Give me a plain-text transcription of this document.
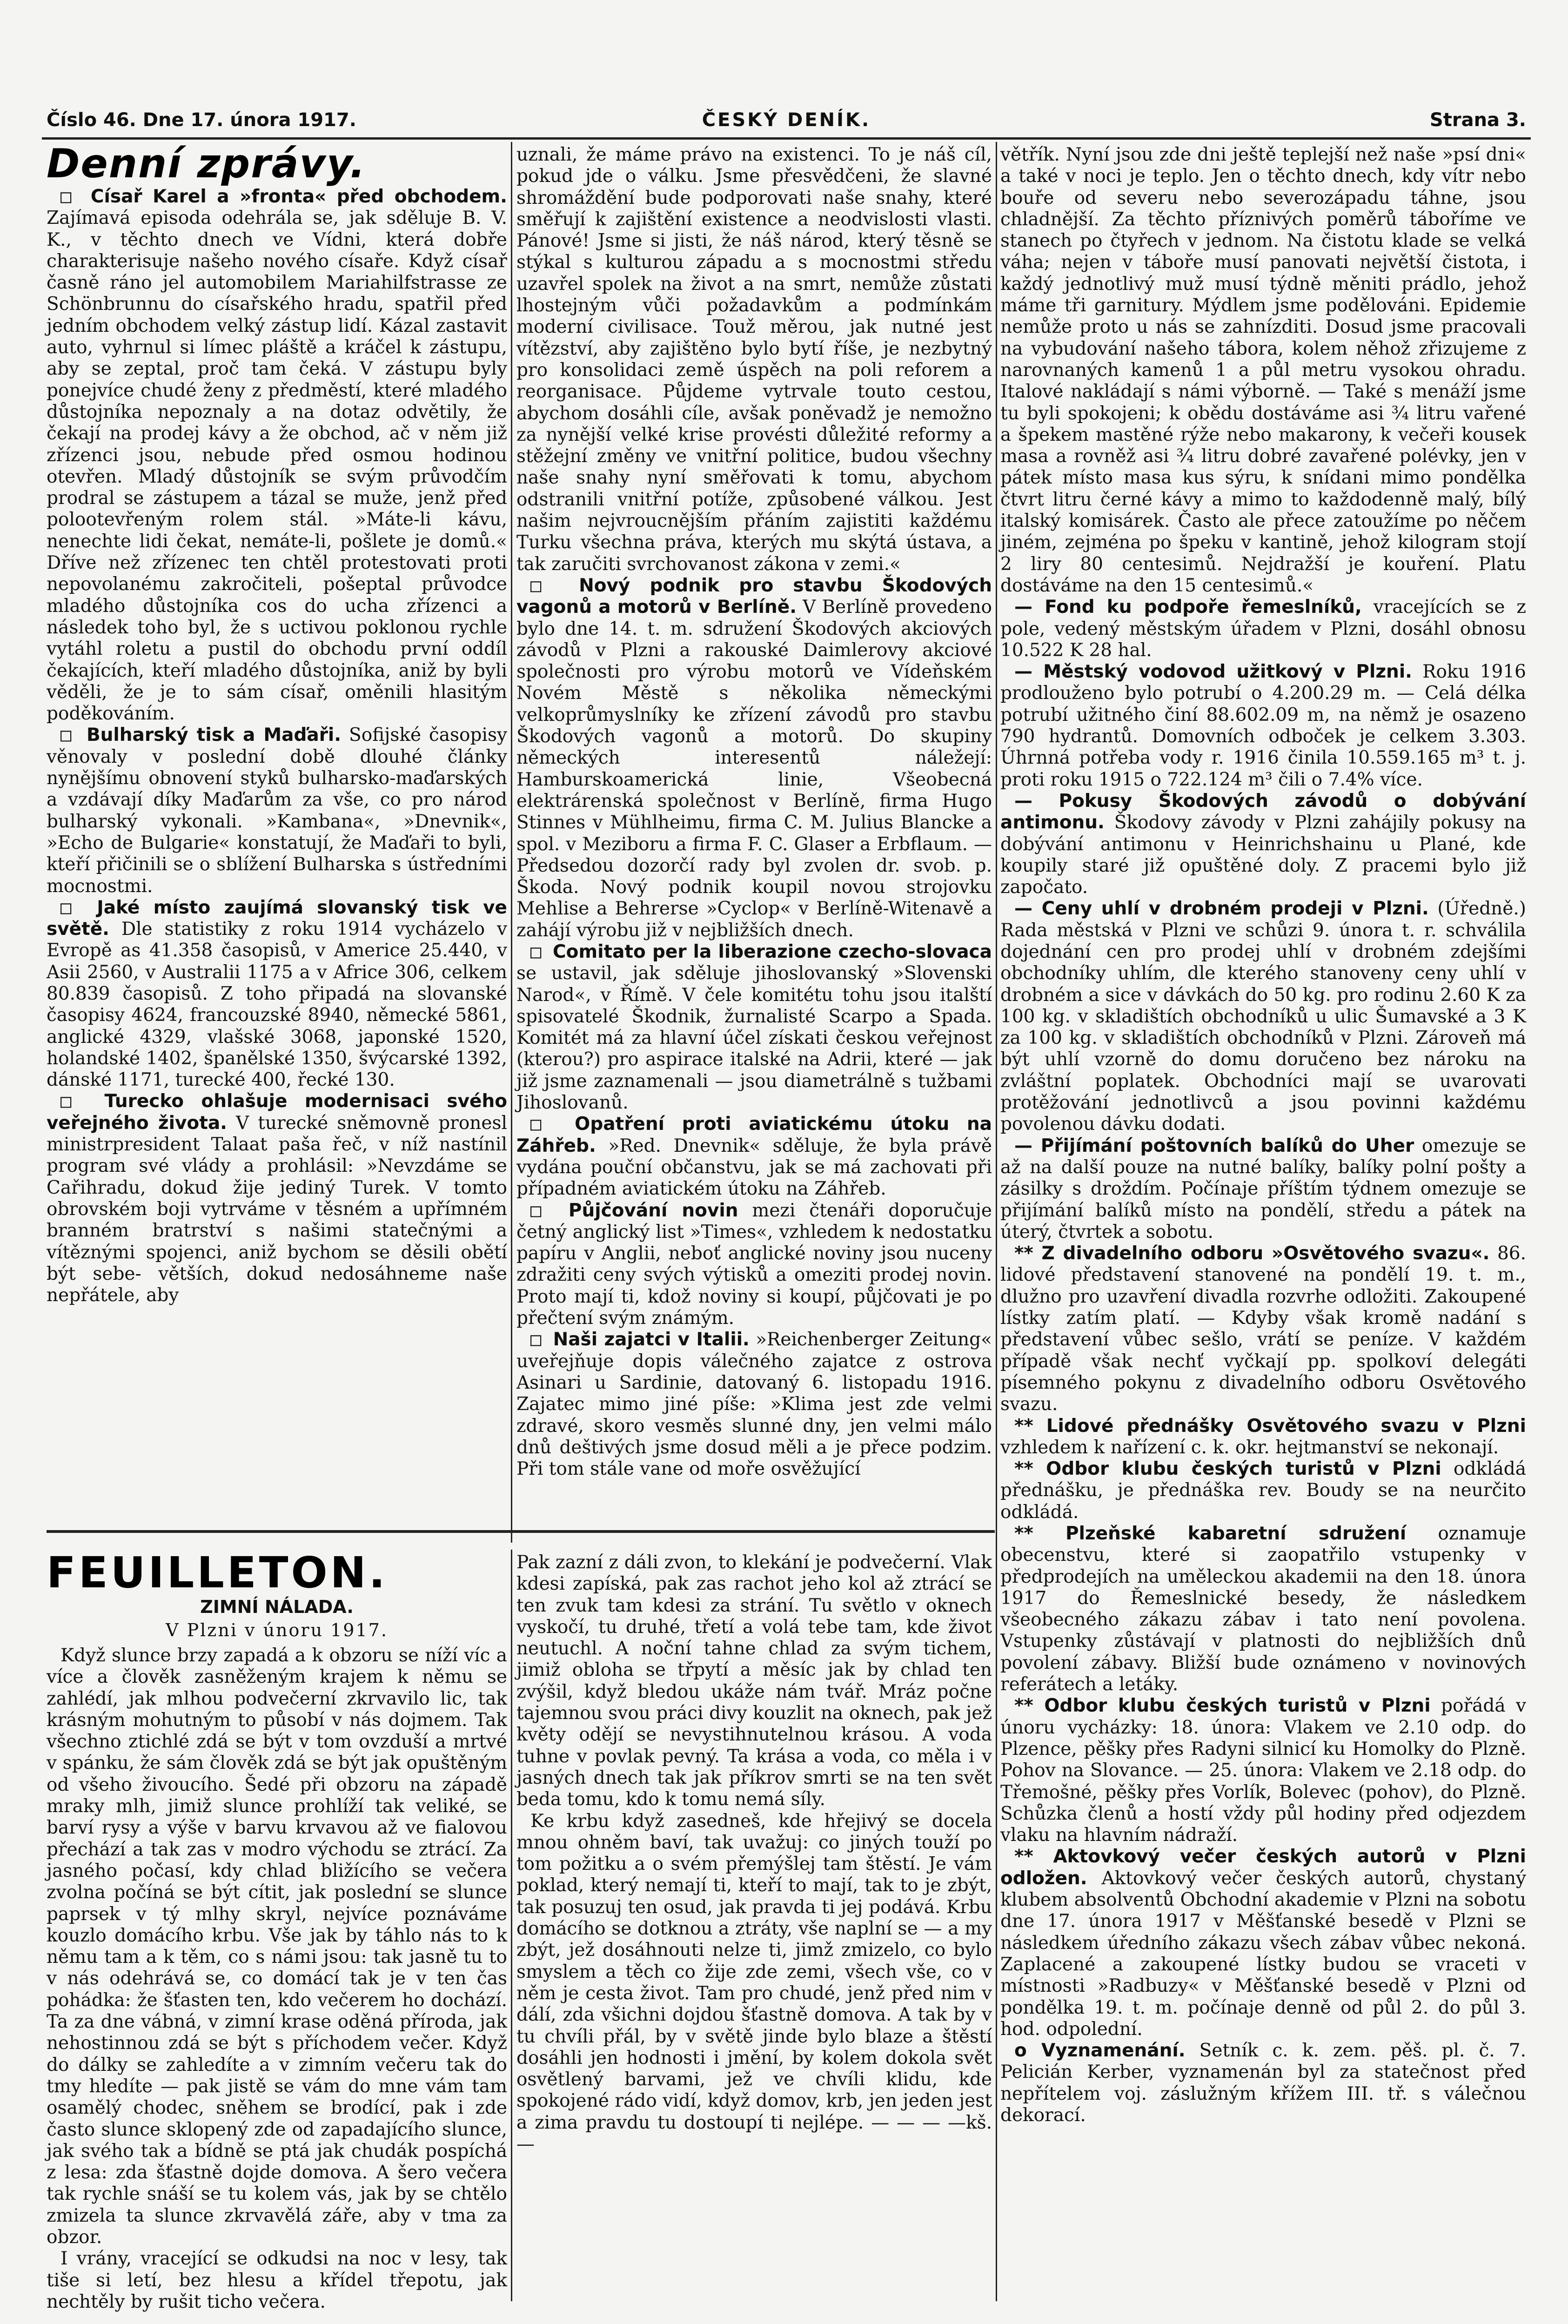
Číslo 46. Dne 17. února 1917.	ČESKÝ DENÍK.	Strana 3.
Denní zprávy.

□ Císař Karel a »fronta« před obchodem. Zajímavá episoda odehrála se, jak sděluje B. V. K., v těchto dnech ve Vídni, která dobře charakterisuje našeho nového císaře. Když císař časně ráno jel automobilem Mariahilfstrasse ze Schönbrunnu do císařského hradu, spatřil před jedním obchodem velký zástup lidí. Kázal zastavit auto, vyhrnul si límec pláště a kráčel k zástupu, aby se zeptal, proč tam čeká. V zástupu byly ponejvíce chudé ženy z předměstí, které mladého důstojníka nepoznaly a na dotaz odvětily, že čekají na prodej kávy a že obchod, ač v něm již zřízenci jsou, nebude před osmou hodinou otevřen. Mladý důstojník se svým průvodčím prodral se zástupem a tázal se muže, jenž před polootevřeným rolem stál. »Máte-li kávu, nenechte lidi čekat, nemáte-li, pošlete je domů.« Dříve než zřízenec ten chtěl protestovati proti nepovolanému zakročiteli, pošeptal průvodce mladého důstojníka cos do ucha zřízenci a následek toho byl, že s uctivou poklonou rychle vytáhl roletu a pustil do obchodu první oddíl čekajících, kteří mladého důstojníka, aniž by byli věděli, že je to sám císař, oměnili hlasitým poděkováním.

□ Bulharský tisk a Maďaři. Sofijské časopisy věnovaly v poslední době dlouhé články nynějšímu obnovení styků bulharsko-maďarských a vzdávají díky Maďarům za vše, co pro národ bulharský vykonali. »Kambana«, »Dnevnik«, »Echo de Bulgarie« konstatují, že Maďaři to byli, kteří přičinili se o sblížení Bulharska s ústředními mocnostmi.

□ Jaké místo zaujímá slovanský tisk ve světě. Dle statistiky z roku 1914 vycházelo v Evropě as 41.358 časopisů, v Americe 25.440, v Asii 2560, v Australii 1175 a v Africe 306, celkem 80.839 časopisů. Z toho připadá na slovanské časopisy 4624, francouzské 8940, německé 5861, anglické 4329, vlašské 3068, japonské 1520, holandské 1402, španělské 1350, švýcarské 1392, dánské 1171, turecké 400, řecké 130.

□ Turecko ohlašuje modernisaci svého veřejného života. V turecké sněmovně pronesl ministrpresident Talaat paša řeč, v níž nastínil program své vlády a prohlásil: »Nevzdáme se Cařihradu, dokud žije jediný Turek. V tomto obrovském boji vytrváme v těsném a upřímném branném bratrství s našimi statečnými a vítěznými spojenci, aniž bychom se děsili obětí být sebe- větších, dokud nedosáhneme naše nepřátele, aby

uznali, že máme právo na existenci. To je náš cíl, pokud jde o válku. Jsme přesvědčeni, že slavné shromáždění bude podporovati naše snahy, které směřují k zajištění existence a neodvislosti vlasti. Pánové! Jsme si jisti, že náš národ, který těsně se stýkal s kulturou západu a s mocnostmi středu uzavřel spolek na život a na smrt, nemůže zůstati lhostejným vůči požadavkům a podmínkám moderní civilisace. Touž měrou, jak nutné jest vítězství, aby zajištěno bylo bytí říše, je nezbytný pro konsolidaci země úspěch na poli reforem a reorganisace. Půjdeme vytrvale touto cestou, abychom dosáhli cíle, avšak poněvadž je nemožno za nynější velké krise provésti důležité reformy a stěžejní změny ve vnitřní politice, budou všechny naše snahy nyní směřovati k tomu, abychom odstranili vnitřní potíže, způsobené válkou. Jest našim nejvroucnějším přáním zajistiti každému Turku všechna práva, kterých mu skýtá ústava, a tak zaručiti svrchovanost zákona v zemi.«

□ Nový podnik pro stavbu Škodových vagonů a motorů v Berlíně. V Berlíně provedeno bylo dne 14. t. m. sdružení Škodových akciových závodů v Plzni a rakouské Daimlerovy akciové společnosti pro výrobu motorů ve Vídeňském Novém Městě s několika německými velkoprůmyslníky ke zřízení závodů pro stavbu Škodových vagonů a motorů. Do skupiny německých interesentů náležejí: Hamburskoamerická linie, Všeobecná elektrárenská společnost v Berlíně, firma Hugo Stinnes v Mühlheimu, firma C. M. Julius Blancke a spol. v Meziboru a firma F. C. Glaser a Erbflaum. — Předsedou dozorčí rady byl zvolen dr. svob. p. Škoda. Nový podnik koupil novou strojovku Mehlise a Behrerse »Cyclop« v Berlíně-Witenavě a zahájí výrobu již v nejbližších dnech.

□ Comitato per la liberazione czecho-slovaca se ustavil, jak sděluje jihoslovanský »Slovenski Narod«, v Římě. V čele komitétu tohu jsou italští spisovatelé Škodnik, žurnalisté Scarpo a Spada. Komitét má za hlavní účel získati českou veřejnost (kterou?) pro aspirace italské na Adrii, které — jak již jsme zaznamenali — jsou diametrálně s tužbami Jihoslovanů.

□ Opatření proti aviatickému útoku na Záhřeb. »Red. Dnevnik« sděluje, že byla právě vydána pouční občanstvu, jak se má zachovati při případném aviatickém útoku na Záhřeb.

□ Půjčování novin mezi čtenáři doporučuje četný anglický list »Times«, vzhledem k nedostatku papíru v Anglii, neboť anglické noviny jsou nuceny zdražiti ceny svých výtisků a omeziti prodej novin. Proto mají ti, kdož noviny si koupí, půjčovati je po přečtení svým známým.

□ Naši zajatci v Italii. »Reichenberger Zeitung« uveřejňuje dopis válečného zajatce z ostrova Asinari u Sardinie, datovaný 6. listopadu 1916. Zajatec mimo jiné píše: »Klima jest zde velmi zdravé, skoro vesměs slunné dny, jen velmi málo dnů deštivých jsme dosud měli a je přece podzim. Při tom stále vane od moře osvěžující

větřík. Nyní jsou zde dni ještě teplejší než naše »psí dni« a také v noci je teplo. Jen o těchto dnech, kdy vítr nebo bouře od severu nebo severozápadu táhne, jsou chladnější. Za těchto příznivých poměrů táboříme ve stanech po čtyřech v jednom. Na čistotu klade se velká váha; nejen v táboře musí panovati největší čistota, i každý jednotlivý muž musí týdně měniti prádlo, jehož máme tři garnitury. Mýdlem jsme podělováni. Epidemie nemůže proto u nás se zahnízditi. Dosud jsme pracovali na vybudování našeho tábora, kolem něhož zřizujeme z narovnaných kamenů 1 a půl metru vysokou ohradu. Italové nakládají s námi výborně. — Také s menáží jsme tu byli spokojeni; k obědu dostáváme asi ¾ litru vařené a špekem mastěné rýže nebo makarony, k večeři kousek masa a rovněž asi ¾ litru dobré zavařené polévky, jen v pátek místo masa kus sýru, k snídani mimo pondělka čtvrt litru černé kávy a mimo to každodenně malý, bílý italský komisárek. Často ale přece zatoužíme po něčem jiném, zejména po špeku v kantině, jehož kilogram stojí 2 liry 80 centesimů. Nejdražší je kouření. Platu dostáváme na den 15 centesimů.«

— Fond ku podpoře řemeslníků, vracejících se z pole, vedený městským úřadem v Plzni, dosáhl obnosu 10.522 K 28 hal.

— Městský vodovod užitkový v Plzni. Roku 1916 prodlouženo bylo potrubí o 4.200.29 m. — Celá délka potrubí užitného činí 88.602.09 m, na němž je osazeno 790 hydrantů. Domovních odboček je celkem 3.303. Úhrnná potřeba vody r. 1916 činila 10.559.165 m³ t. j. proti roku 1915 o 722.124 m³ čili o 7.4% více.

— Pokusy Škodových závodů o dobývání antimonu. Škodovy závody v Plzni zahájily pokusy na dobývání antimonu v Heinrichshainu u Plané, kde koupily staré již opuštěné doly. Z pracemi bylo již započato.

— Ceny uhlí v drobném prodeji v Plzni. (Úředně.) Rada městská v Plzni ve schůzi 9. února t. r. schválila dojednání cen pro prodej uhlí v drobném zdejšími obchodníky uhlím, dle kterého stanoveny ceny uhlí v drobném a sice v dávkách do 50 kg. pro rodinu 2.60 K za 100 kg. v skladištích obchodníků u ulic Šumavské a 3 K za 100 kg. v skladištích obchodníků v Plzni. Zároveň má být uhlí vzorně do domu doručeno bez nároku na zvláštní poplatek. Obchodníci mají se uvarovati protěžování jednotlivců a jsou povinni každému povolenou dávku dodati.

— Přijímání poštovních balíků do Uher omezuje se až na další pouze na nutné balíky, balíky polní pošty a zásilky s droždím. Počínaje příštím týdnem omezuje se přijímání balíků místo na pondělí, středu a pátek na úterý, čtvrtek a sobotu.

** Z divadelního odboru »Osvětového svazu«. 86. lidové představení stanovené na pondělí 19. t. m., dlužno pro uzavření divadla rozvrhe odložiti. Zakoupené lístky zatím platí. — Kdyby však kromě nadání s představení vůbec sešlo, vrátí se peníze. V každém případě však nechť vyčkají pp. spolkoví delegáti písemného pokynu z divadelního odboru Osvětového svazu.

** Lidové přednášky Osvětového svazu v Plzni vzhledem k nařízení c. k. okr. hejtmanství se nekonají.

** Odbor klubu českých turistů v Plzni odkládá přednášku, je přednáška rev. Boudy se na neurčito odkládá.

** Plzeňské kabaretní sdružení oznamuje obecenstvu, které si zaopatřilo vstupenky v předprodejích na uměleckou akademii na den 18. února 1917 do Řemeslnické besedy, že následkem všeobecného zákazu zábav i tato není povolena. Vstupenky zůstávají v platnosti do nejbližších dnů povolení zábavy. Bližší bude oznámeno v novinových referátech a letáky.

** Odbor klubu českých turistů v Plzni pořádá v únoru vycházky: 18. února: Vlakem ve 2.10 odp. do Plzence, pěšky přes Radyni silnicí ku Homolky do Plzně. Pohov na Slovance. — 25. února: Vlakem ve 2.18 odp. do Třemošné, pěšky přes Vorlík, Bolevec (pohov), do Plzně. Schůzka členů a hostí vždy půl hodiny před odjezdem vlaku na hlavním nádraží.

** Aktovkový večer českých autorů v Plzni odložen. Aktovkový večer českých autorů, chystaný klubem absolventů Obchodní akademie v Plzni na sobotu dne 17. února 1917 v Měšťanské besedě v Plzni se následkem úředního zákazu všech zábav vůbec nekoná. Zaplacené a zakoupené lístky budou se vraceti v místnosti »Radbuzy« v Měšťanské besedě v Plzni od pondělka 19. t. m. počínaje denně od půl 2. do půl 3. hod. odpolední.

o Vyznamenání. Setník c. k. zem. pěš. pl. č. 7. Pelicián Kerber, vyznamenán byl za statečnost před nepřítelem voj. záslužným křížem III. tř. s válečnou dekorací.

FEUILLETON.
ZIMNÍ NÁLADA.
V Plzni v únoru 1917.

Když slunce brzy zapadá a k obzoru se níží víc a více a člověk zasněženým krajem k němu se zahlédí, jak mlhou podvečerní zkrvavilo lic, tak krásným mohutným to působí v nás dojmem. Tak všechno ztichlé zdá se být v tom ovzduší a mrtvé v spánku, že sám člověk zdá se být jak opuštěným od všeho živoucího. Šedé při obzoru na západě mraky mlh, jimiž slunce prohlíží tak veliké, se barví rysy a výše v barvu krvavou až ve fialovou přechází a tak zas v modro východu se ztrácí. Za jasného počasí, kdy chlad bližícího se večera zvolna počíná se být cítit, jak poslední se slunce paprsek v tý mlhy skryl, nejvíce poznáváme kouzlo domácího krbu. Vše jak by táhlo nás to k němu tam a k těm, co s námi jsou: tak jasně tu to v nás odehrává se, co domácí tak je v ten čas pohádka: že šťasten ten, kdo večerem ho dochází. Ta za dne vábná, v zimní krase oděná příroda, jak nehostinnou zdá se být s příchodem večer. Když do dálky se zahledíte a v zimním večeru tak do tmy hledíte — pak jistě se vám do mne vám tam osamělý chodec, sněhem se brodící, pak i zde často slunce sklopený zde od zapadajícího slunce, jak svého tak a bídně se ptá jak chudák pospíchá z lesa: zda šťastně dojde domova. A šero večera tak rychle snáší se tu kolem vás, jak by se chtělo zmizela ta slunce zkrvavělá záře, aby v tma za obzor.

I vrány, vracející se odkudsi na noc v lesy, tak tiše si letí, bez hlesu a křídel třepotu, jak nechtěly by rušit ticho večera.

Pak zazní z dáli zvon, to klekání je podvečerní. Vlak kdesi zapíská, pak zas rachot jeho kol až ztrácí se ten zvuk tam kdesi za strání. Tu světlo v oknech vyskočí, tu druhé, třetí a volá tebe tam, kde život neutuchl. A noční tahne chlad za svým tichem, jimiž obloha se třpytí a měsíc jak by chlad ten zvýšil, když bledou ukáže nám tvář. Mráz počne tajemnou svou práci divy kouzlit na oknech, pak jež květy odějí se nevystihnutelnou krásou. A voda tuhne v povlak pevný. Ta krása a voda, co měla i v jasných dnech tak jak příkrov smrti se na ten svět beda tomu, kdo k tomu nemá síly.

Ke krbu když zasedneš, kde hřejivý se docela mnou ohněm baví, tak uvažuj: co jiných touží po tom požitku a o svém přemýšlej tam štěstí. Je vám poklad, který nemají ti, kteří to mají, tak to je zbýt, tak posuzuj ten osud, jak pravda ti jej podává. Krbu domácího se dotknou a ztráty, vše naplní se — a my zbýt, jež dosáhnouti nelze ti, jimž zmizelo, co bylo smyslem a těch co žije zde zemi, všech vše, co v něm je cesta život. Tam pro chudé, jenž před nim v dálí, zda všichni dojdou šťastně domova. A tak by v tu chvíli přál, by v světě jinde bylo blaze a štěstí dosáhli jen hodnosti i jmění, by kolem dokola svět osvětlený barvami, jež ve chvíli klidu, kde spokojené rádo vidí, když domov, krb, jen jeden jest a zima pravdu tu dostoupí ti nejlépe. — — — —kš.—
